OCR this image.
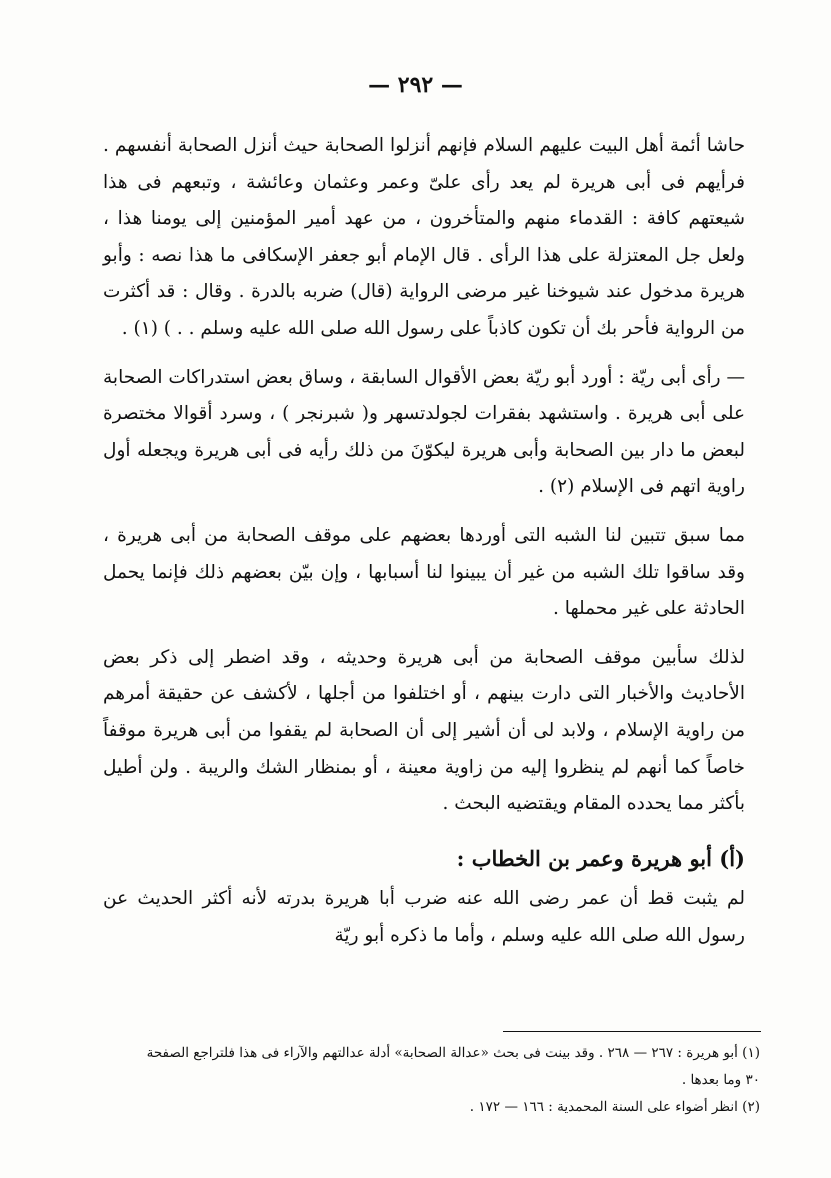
— ٢٩٢ —

حاشا أئمة أهل البيت عليهم السلام فإنهم أنزلوا الصحابة حيث أنزل الصحابة أنفسهم . فرأيهم فى أبى هريرة لم يعد رأى علىّ وعمر وعثمان وعائشة ، وتبعهم فى هذا شيعتهم كافة : القدماء منهم والمتأخرون ، من عهد أمير المؤمنين إلى يومنا هذا ، ولعل جل المعتزلة على هذا الرأى . قال الإمام أبو جعفر الإسكافى ما هذا نصه : وأبو هريرة مدخول عند شيوخنا غير مرضى الرواية (قال) ضربه بالدرة . وقال : قد أكثرت من الرواية فأحر بك أن تكون كاذباً على رسول الله صلى الله عليه وسلم . . ) (١) .

— رأى أبى ريّة : أورد أبو ريّة بعض الأقوال السابقة ، وساق بعض استدراكات الصحابة على أبى هريرة . واستشهد بفقرات لجولدتسهر و( شبرنجر ) ، وسرد أقوالا مختصرة لبعض ما دار بين الصحابة وأبى هريرة ليكوّنَ من ذلك رأيه فى أبى هريرة ويجعله أول راوية اتهم فى الإسلام (٢) .

مما سبق تتبين لنا الشبه التى أوردها بعضهم على موقف الصحابة من أبى هريرة ، وقد ساقوا تلك الشبه من غير أن يبينوا لنا أسبابها ، وإن بيّن بعضهم ذلك فإنما يحمل الحادثة على غير محملها .

لذلك سأبين موقف الصحابة من أبى هريرة وحديثه ، وقد اضطر إلى ذكر بعض الأحاديث والأخبار التى دارت بينهم ، أو اختلفوا من أجلها ، لأكشف عن حقيقة أمرهم من راوية الإسلام ، ولابد لى أن أشير إلى أن الصحابة لم يقفوا من أبى هريرة موقفاً خاصاً كما أنهم لم ينظروا إليه من زاوية معينة ، أو بمنظار الشك والريبة . ولن أطيل بأكثر مما يحدده المقام ويقتضيه البحث .

(أ) أبو هريرة وعمر بن الخطاب :

لم يثبت قط أن عمر رضى الله عنه ضرب أبا هريرة بدرته لأنه أكثر الحديث عن رسول الله صلى الله عليه وسلم ، وأما ما ذكره أبو ريّة

(١) أبو هريرة : ٢٦٧ — ٢٦٨ . وقد بينت فى بحث «عدالة الصحابة» أدلة عدالتهم والآراء فى هذا فلتراجع الصفحة ٣٠ وما بعدها .

(٢) انظر أضواء على السنة المحمدية : ١٦٦ — ١٧٢ .
